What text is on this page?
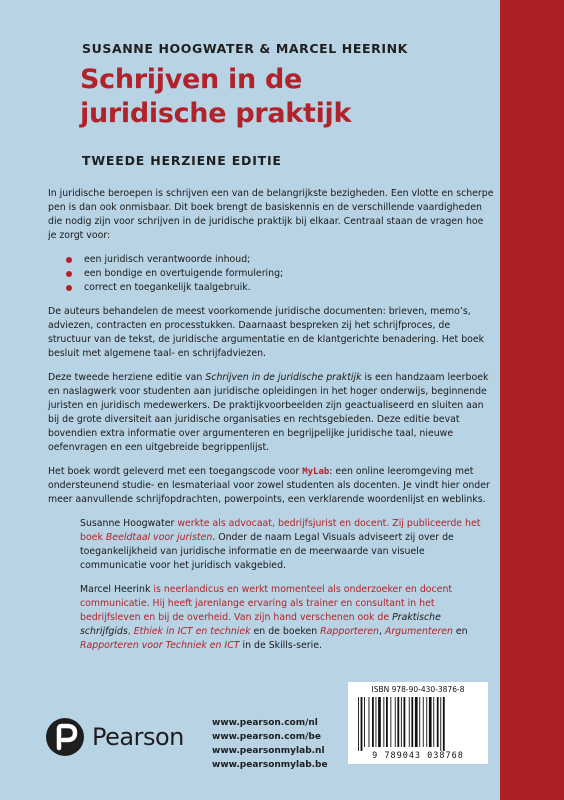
SUSANNE HOOGWATER & MARCEL HEERINK
Schrijven in de
juridische praktijk
TWEEDE HERZIENE EDITIE

In juridische beroepen is schrijven een van de belangrijkste bezigheden. Een vlotte en scherpe pen is dan ook onmisbaar. Dit boek brengt de basiskennis en de verschillende vaardigheden die nodig zijn voor schrijven in de juridische praktijk bij elkaar. Centraal staan de vragen hoe je zorgt voor:

een juridisch verantwoorde inhoud;
een bondige en overtuigende formulering;
correct en toegankelijk taalgebruik.

De auteurs behandelen de meest voorkomende juridische documenten: brieven, memo’s, adviezen, contracten en processtukken. Daarnaast bespreken zij het schrijfproces, de structuur van de tekst, de juridische argumentatie en de klantgerichte benadering. Het boek besluit met algemene taal- en schrijfadviezen.

Deze tweede herziene editie van Schrijven in de juridische praktijk is een handzaam leerboek en naslagwerk voor studenten aan juridische opleidingen in het hoger onderwijs, beginnende juristen en juridisch medewerkers. De praktijkvoorbeelden zijn geactualiseerd en sluiten aan bij de grote diversiteit aan juridische organisaties en rechtsgebieden. Deze editie bevat bovendien extra informatie over argumenteren en begrijpelijke juridische taal, nieuwe oefenvragen en een uitgebreide begrippenlijst.

Het boek wordt geleverd met een toegangscode voor MyLab: een online leeromgeving met ondersteunend studie- en lesmateriaal voor zowel studenten als docenten. Je vindt hier onder meer aanvullende schrijfopdrachten, powerpoints, een verklarende woordenlijst en weblinks.

Susanne Hoogwater werkte als advocaat, bedrijfsjurist en docent. Zij publiceerde het boek Beeldtaal voor juristen. Onder de naam Legal Visuals adviseert zij over de toegankelijkheid van juridische informatie en de meerwaarde van visuele communicatie voor het juridisch vakgebied.

Marcel Heerink is neerlandicus en werkt momenteel als onderzoeker en docent communicatie. Hij heeft jarenlange ervaring als trainer en consultant in het bedrijfsleven en bij de overheid. Van zijn hand verschenen ook de Praktische schrijfgids, Ethiek in ICT en techniek en de boeken Rapporteren, Argumenteren en Rapporteren voor Techniek en ICT in de Skills-serie.

Pearson	www.pearson.com/nl
www.pearson.com/be
www.pearsonmylab.nl
www.pearsonmylab.be
ISBN 978-90-430-3876-8
9 789043 038768
